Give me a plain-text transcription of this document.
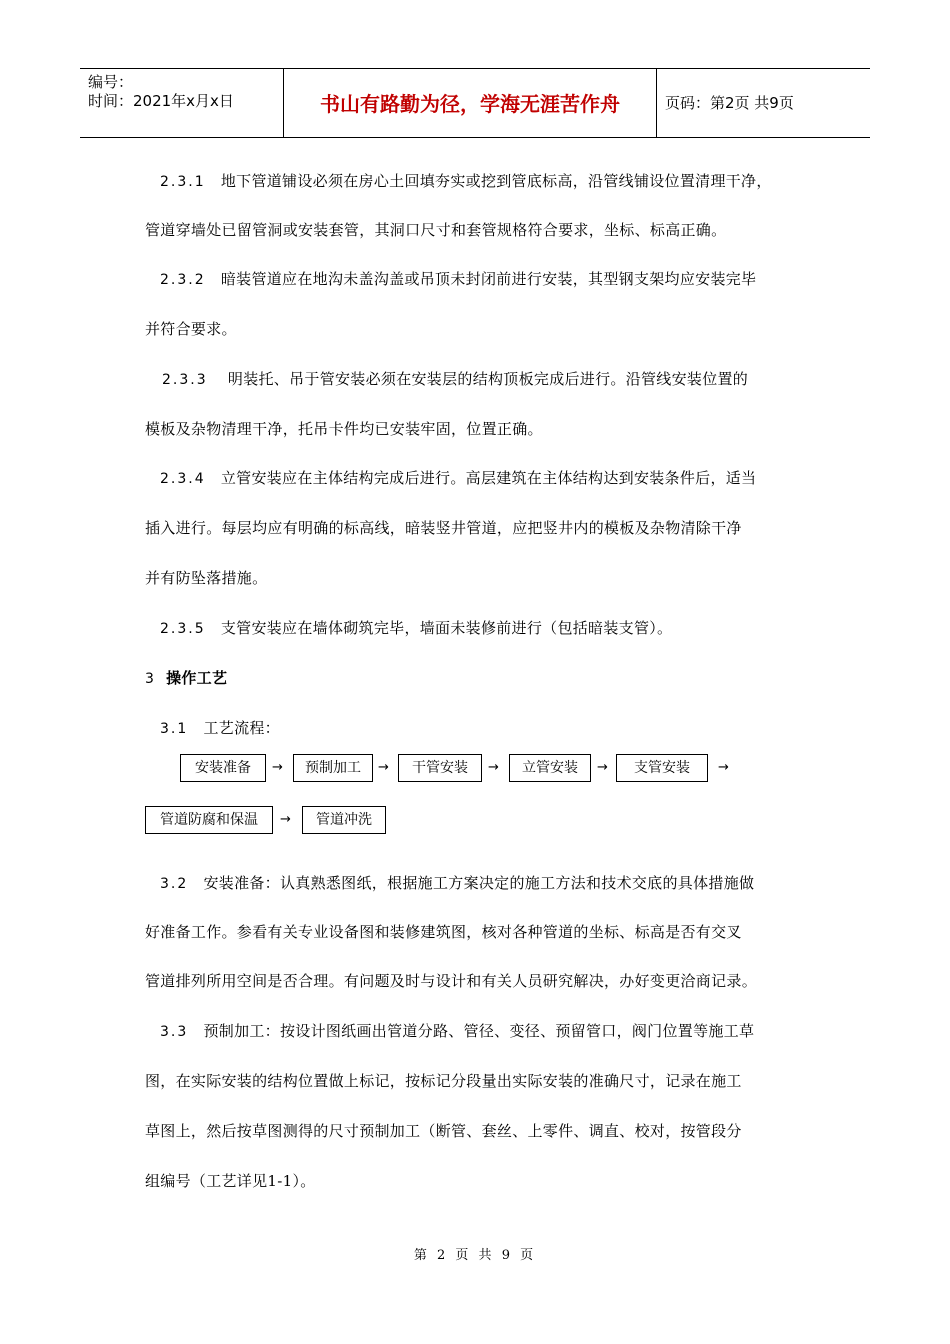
编号：
时间：2021年x月x日	书山有路勤为径，学海无涯苦作舟	页码：第2页 共9页
2.3.1 地下管道铺设必须在房心土回填夯实或挖到管底标高，沿管线铺设位置清理干净，
管道穿墙处已留管洞或安装套管，其洞口尺寸和套管规格符合要求，坐标、标高正确。
2.3.2 暗装管道应在地沟未盖沟盖或吊顶未封闭前进行安装，其型钢支架均应安装完毕
并符合要求。
2.3.3 明装托、吊于管安装必须在安装层的结构顶板完成后进行。沿管线安装位置的
模板及杂物清理干净，托吊卡件均已安装牢固，位置正确。
2.3.4 立管安装应在主体结构完成后进行。高层建筑在主体结构达到安装条件后，适当
插入进行。每层均应有明确的标高线，暗装竖井管道，应把竖井内的模板及杂物清除干净
并有防坠落措施。
2.3.5 支管安装应在墙体砌筑完毕，墙面未装修前进行（包括暗装支管）。
3 操作工艺
3.1 工艺流程：
安装准备	→	预制加工	→	干管安装	→	立管安装	→	支管安装	→
管道防腐和保温	→	管道冲洗
3.2 安装准备：认真熟悉图纸，根据施工方案决定的施工方法和技术交底的具体措施做
好准备工作。参看有关专业设备图和装修建筑图，核对各种管道的坐标、标高是否有交叉
管道排列所用空间是否合理。有问题及时与设计和有关人员研究解决，办好变更洽商记录。
3.3 预制加工：按设计图纸画出管道分路、管径、变径、预留管口，阀门位置等施工草
图，在实际安装的结构位置做上标记，按标记分段量出实际安装的准确尺寸，记录在施工
草图上，然后按草图测得的尺寸预制加工（断管、套丝、上零件、调直、校对，按管段分
组编号（工艺详见1-1）。
第 2 页 共 9 页
